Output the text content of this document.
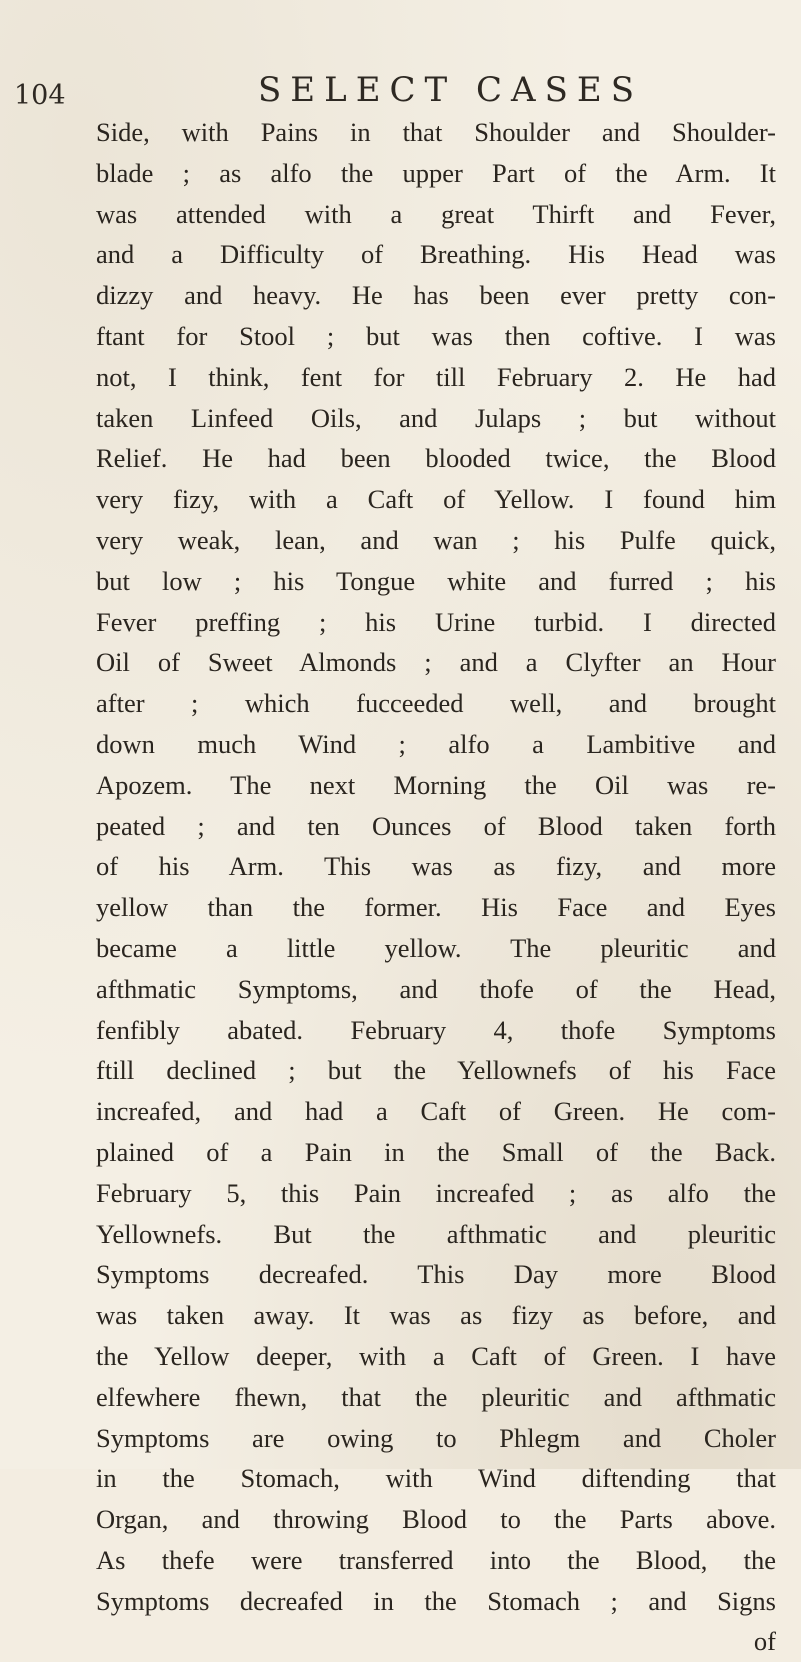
104	SELECT CASES
Side, with Pains in that Shoulder and Shoulder-
blade ; as alfo the upper Part of the Arm. It
was attended with a great Thirft and Fever,
and a Difficulty of Breathing. His Head was
dizzy and heavy. He has been ever pretty con-
ftant for Stool ; but was then coftive. I was
not, I think, fent for till February 2. He had
taken Linfeed Oils, and Julaps ; but without
Relief. He had been blooded twice, the Blood
very fizy, with a Caft of Yellow. I found him
very weak, lean, and wan ; his Pulfe quick,
but low ; his Tongue white and furred ; his
Fever preffing ; his Urine turbid. I directed
Oil of Sweet Almonds ; and a Clyfter an Hour
after ; which fucceeded well, and brought
down much Wind ; alfo a Lambitive and
Apozem. The next Morning the Oil was re-
peated ; and ten Ounces of Blood taken forth
of his Arm. This was as fizy, and more
yellow than the former. His Face and Eyes
became a little yellow. The pleuritic and
afthmatic Symptoms, and thofe of the Head,
fenfibly abated. February 4, thofe Symptoms
ftill declined ; but the Yellownefs of his Face
increafed, and had a Caft of Green. He com-
plained of a Pain in the Small of the Back.
February 5, this Pain increafed ; as alfo the
Yellownefs. But the afthmatic and pleuritic
Symptoms decreafed. This Day more Blood
was taken away. It was as fizy as before, and
the Yellow deeper, with a Caft of Green. I have
elfewhere fhewn, that the pleuritic and afthmatic
Symptoms are owing to Phlegm and Choler
in the Stomach, with Wind diftending that
Organ, and throwing Blood to the Parts above.
As thefe were transferred into the Blood, the
Symptoms decreafed in the Stomach ; and Signs
of
